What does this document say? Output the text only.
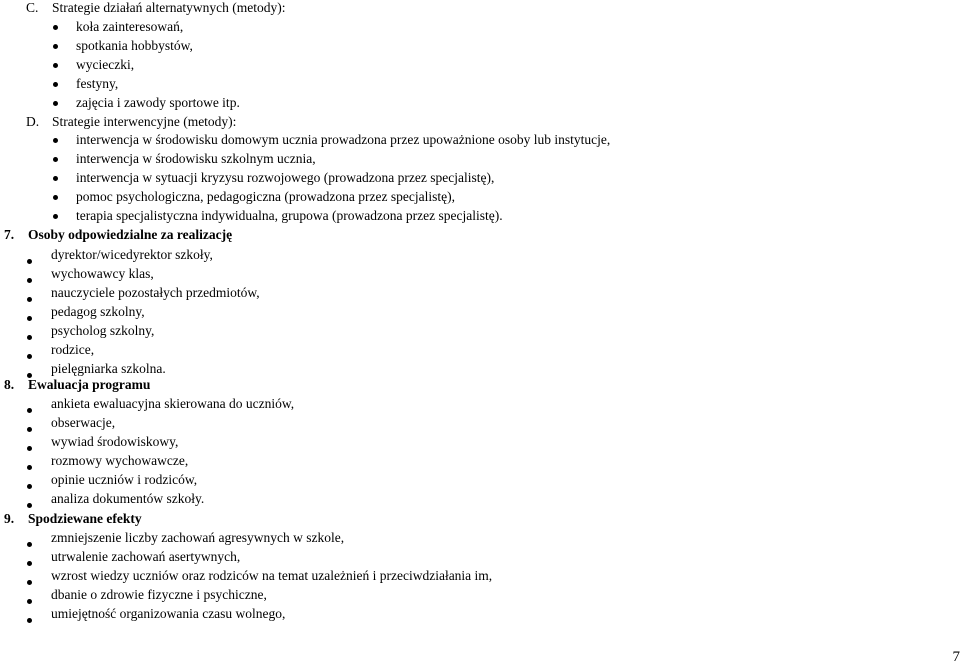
C. Strategie działań alternatywnych (metody):
koła zainteresowań,
spotkania hobbystów,
wycieczki,
festyny,
zajęcia i zawody sportowe itp.
D. Strategie interwencyjne (metody):
interwencja w środowisku domowym ucznia prowadzona przez upoważnione osoby lub instytucje,
interwencja w środowisku szkolnym ucznia,
interwencja w sytuacji kryzysu rozwojowego (prowadzona przez specjalistę),
pomoc psychologiczna, pedagogiczna (prowadzona przez specjalistę),
terapia specjalistyczna indywidualna, grupowa (prowadzona przez specjalistę).
7. Osoby odpowiedzialne za realizację
dyrektor/wicedyrektor szkoły,
wychowawcy klas,
nauczyciele pozostałych przedmiotów,
pedagog szkolny,
psycholog szkolny,
rodzice,
pielęgniarka szkolna.
8. Ewaluacja programu
ankieta ewaluacyjna skierowana do uczniów,
obserwacje,
wywiad środowiskowy,
rozmowy wychowawcze,
opinie uczniów i rodziców,
analiza dokumentów szkoły.
9. Spodziewane efekty
zmniejszenie liczby zachowań agresywnych w szkole,
utrwalenie zachowań asertywnych,
wzrost wiedzy uczniów oraz rodziców na temat uzależnień i przeciwdziałania im,
dbanie o zdrowie fizyczne i psychiczne,
umiejętność organizowania czasu wolnego,
7
